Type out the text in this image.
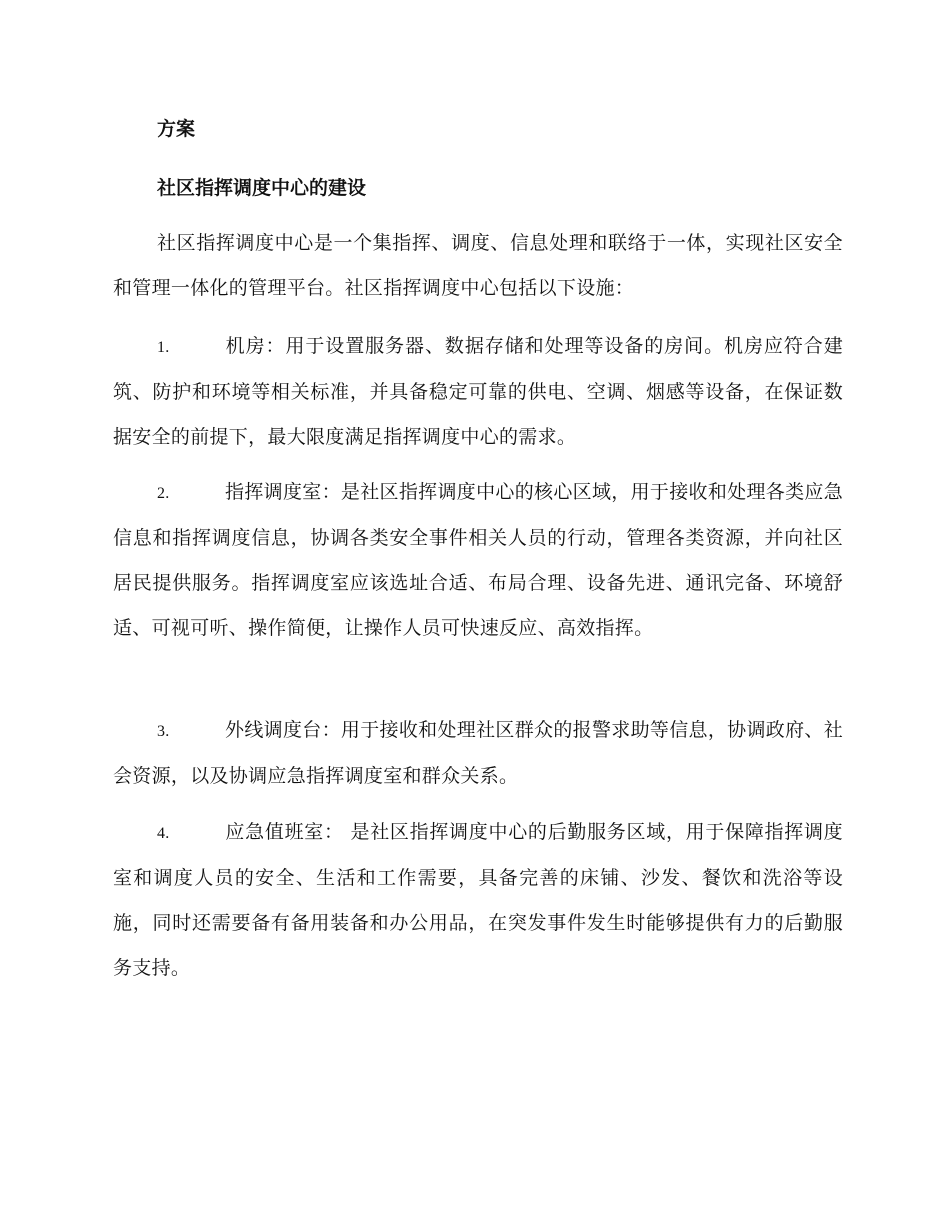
方案
社区指挥调度中心的建设
社区指挥调度中心是一个集指挥、调度、信息处理和联络于一体，实现社区安全和管理一体化的管理平台。社区指挥调度中心包括以下设施：
1.	机房：用于设置服务器、数据存储和处理等设备的房间。机房应符合建筑、防护和环境等相关标准，并具备稳定可靠的供电、空调、烟感等设备，在保证数据安全的前提下，最大限度满足指挥调度中心的需求。
2.	指挥调度室：是社区指挥调度中心的核心区域，用于接收和处理各类应急信息和指挥调度信息，协调各类安全事件相关人员的行动，管理各类资源，并向社区居民提供服务。指挥调度室应该选址合适、布局合理、设备先进、通讯完备、环境舒适、可视可听、操作简便，让操作人员可快速反应、高效指挥。
3.	外线调度台：用于接收和处理社区群众的报警求助等信息，协调政府、社会资源，以及协调应急指挥调度室和群众关系。
4.	应急值班室： 是社区指挥调度中心的后勤服务区域，用于保障指挥调度室和调度人员的安全、生活和工作需要，具备完善的床铺、沙发、餐饮和洗浴等设施，同时还需要备有备用装备和办公用品，在突发事件发生时能够提供有力的后勤服务支持。
